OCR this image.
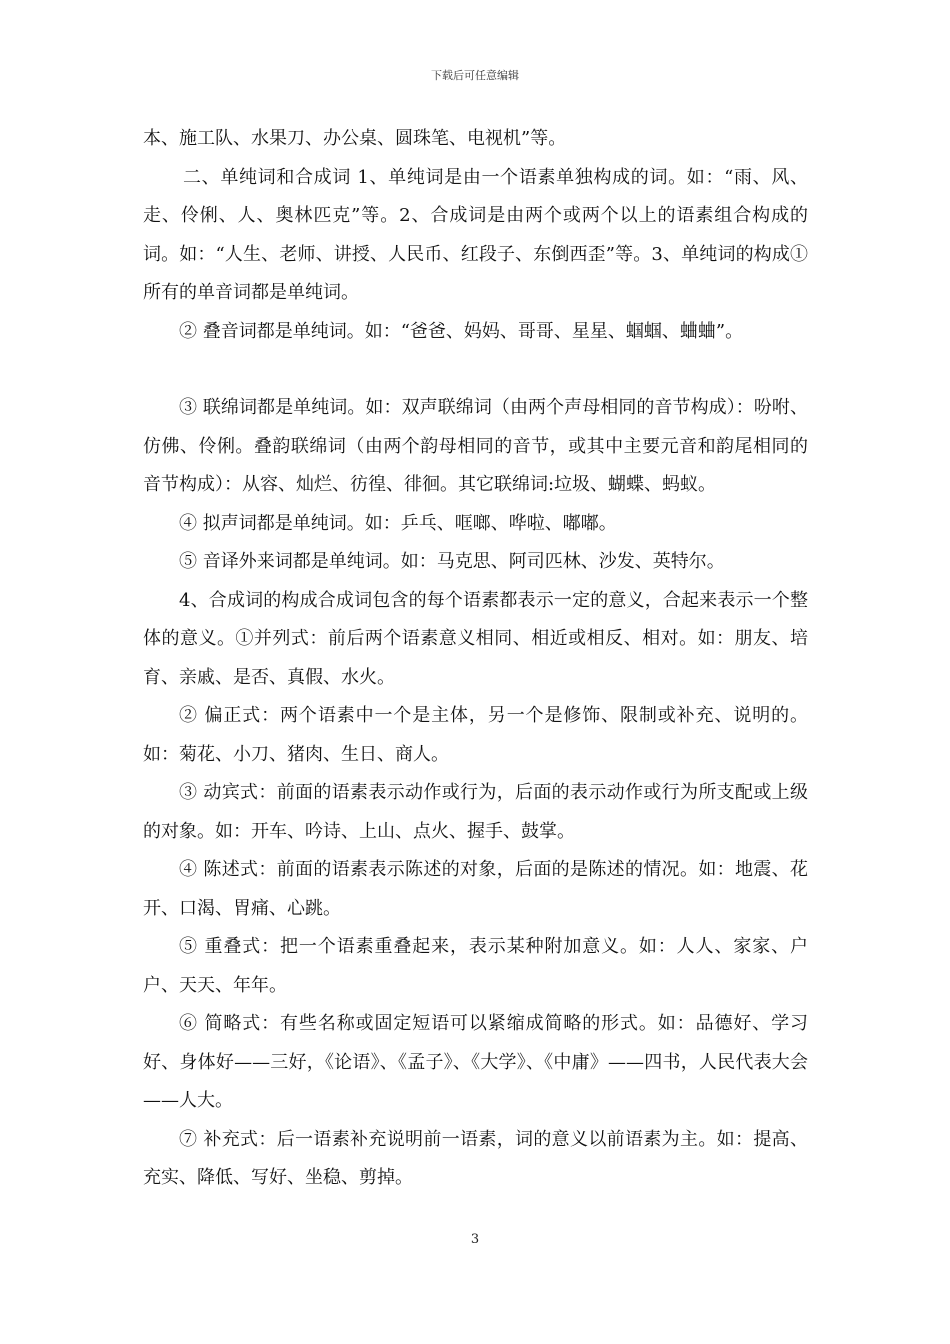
下载后可任意编辑

本、施工队、水果刀、办公桌、圆珠笔、电视机”等。

二、单纯词和合成词 1、单纯词是由一个语素单独构成的词。如：“雨、风、走、伶俐、人、奥林匹克”等。2、合成词是由两个或两个以上的语素组合构成的词。如：“人生、老师、讲授、人民币、红段子、东倒西歪”等。3、单纯词的构成①所有的单音词都是单纯词。

② 叠音词都是单纯词。如：“爸爸、妈妈、哥哥、星星、蝈蝈、蛐蛐”。

③ 联绵词都是单纯词。如：双声联绵词（由两个声母相同的音节构成）：吩咐、仿佛、伶俐。叠韵联绵词（由两个韵母相同的音节，或其中主要元音和韵尾相同的音节构成）：从容、灿烂、彷徨、徘徊。其它联绵词:垃圾、蝴蝶、蚂蚁。

④ 拟声词都是单纯词。如：乒乓、哐啷、哗啦、嘟嘟。

⑤ 音译外来词都是单纯词。如：马克思、阿司匹林、沙发、英特尔。

4、合成词的构成合成词包含的每个语素都表示一定的意义，合起来表示一个整体的意义。①并列式：前后两个语素意义相同、相近或相反、相对。如：朋友、培育、亲戚、是否、真假、水火。

② 偏正式：两个语素中一个是主体，另一个是修饰、限制或补充、说明的。如：菊花、小刀、猪肉、生日、商人。

③ 动宾式：前面的语素表示动作或行为，后面的表示动作或行为所支配或上级的对象。如：开车、吟诗、上山、点火、握手、鼓掌。

④ 陈述式：前面的语素表示陈述的对象，后面的是陈述的情况。如：地震、花开、口渴、胃痛、心跳。

⑤ 重叠式：把一个语素重叠起来，表示某种附加意义。如：人人、家家、户户、天天、年年。

⑥ 简略式：有些名称或固定短语可以紧缩成简略的形式。如：品德好、学习好、身体好——三好，《论语》、《孟子》、《大学》、《中庸》——四书，人民代表大会——人大。

⑦ 补充式：后一语素补充说明前一语素，词的意义以前语素为主。如：提高、充实、降低、写好、坐稳、剪掉。

3
